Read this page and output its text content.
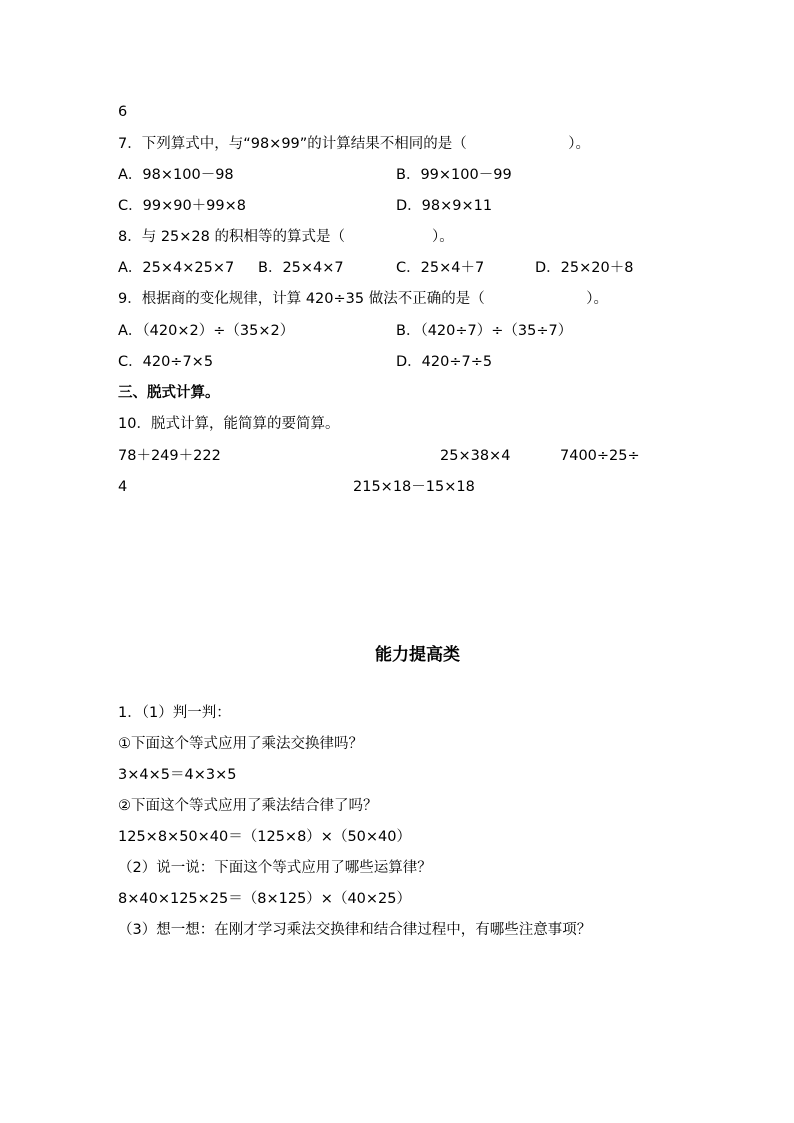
6
7．下列算式中，与“98×99”的计算结果不相同的是（　　　　　　　）。
A．98×100－98	B．99×100－99
C．99×90＋99×8	D．98×9×11
8．与 25×28 的积相等的算式是（　　　　　　）。
A．25×4×25×7 B．25×4×7	C．25×4＋7	D．25×20＋8
9．根据商的变化规律，计算 420÷35 做法不正确的是（　　　　　　　）。
A．（420×2）÷（35×2）	B．（420÷7）÷（35÷7）
C．420÷7×5	D．420÷7÷5
三、脱式计算。
10．脱式计算，能简算的要简算。
78＋249＋222	25×38×4	7400÷25÷
4	215×18－15×18
能力提高类
1．（1）判一判：
①下面这个等式应用了乘法交换律吗？
3×4×5＝4×3×5
②下面这个等式应用了乘法结合律了吗？
125×8×50×40＝（125×8）×（50×40）
（2）说一说：下面这个等式应用了哪些运算律？
8×40×125×25＝（8×125）×（40×25）
（3）想一想：在刚才学习乘法交换律和结合律过程中，有哪些注意事项？
